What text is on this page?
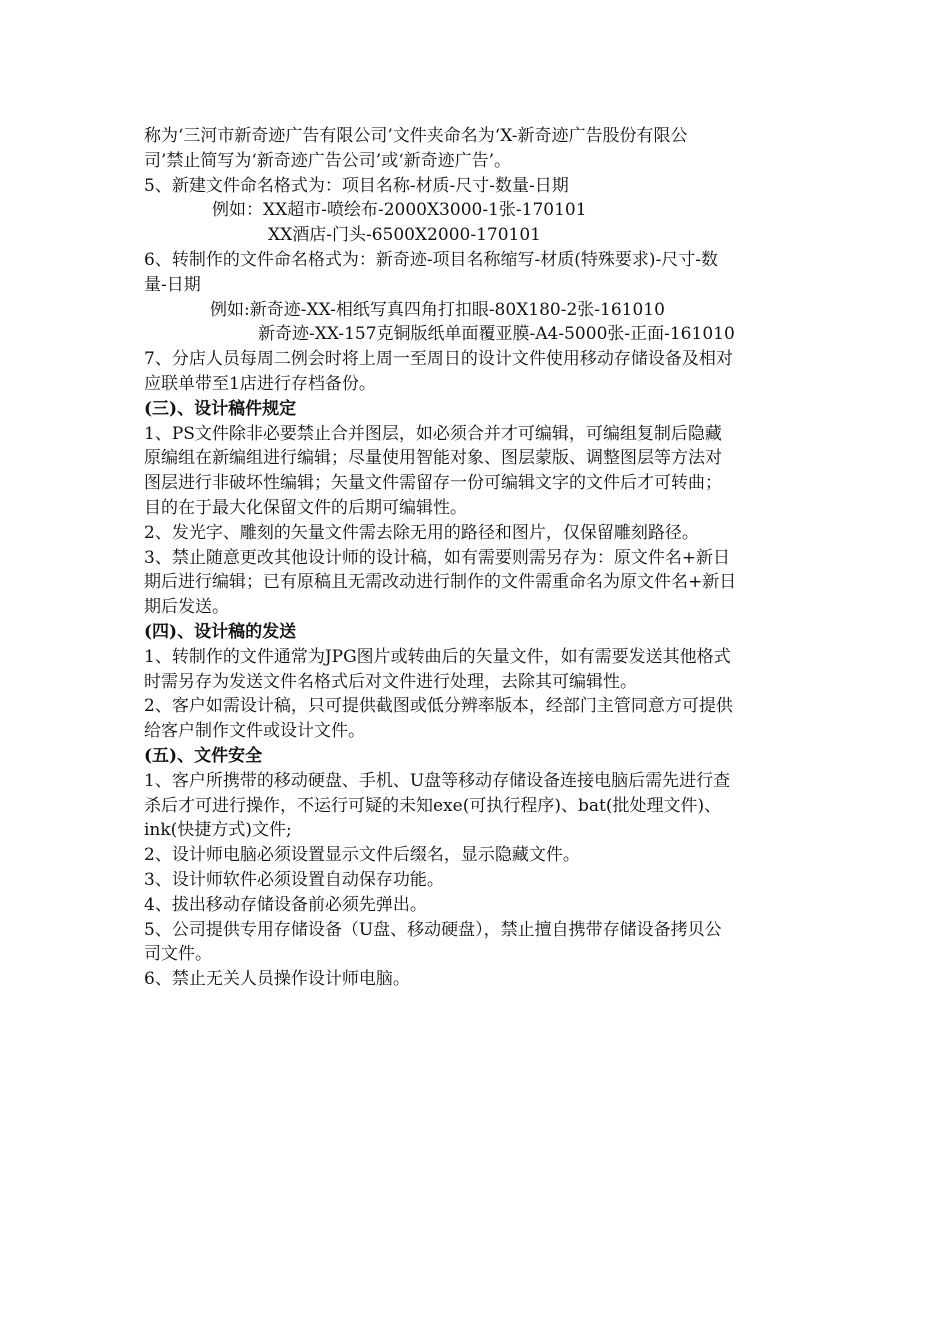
称为‘三河市新奇迹广告有限公司’文件夹命名为‘X-新奇迹广告股份有限公
司’禁止简写为‘新奇迹广告公司’或‘新奇迹广告’。
5、新建文件命名格式为：项目名称-材质-尺寸-数量-日期
例如：XX超市-喷绘布-2000X3000-1张-170101
XX酒店-门头-6500X2000-170101
6、转制作的文件命名格式为：新奇迹-项目名称缩写-材质(特殊要求)-尺寸-数
量-日期
例如:新奇迹-XX-相纸写真四角打扣眼-80X180-2张-161010
新奇迹-XX-157克铜版纸单面覆亚膜-A4-5000张-正面-161010
7、分店人员每周二例会时将上周一至周日的设计文件使用移动存储设备及相对
应联单带至1店进行存档备份。
(三)、设计稿件规定
1、PS文件除非必要禁止合并图层，如必须合并才可编辑，可编组复制后隐藏
原编组在新编组进行编辑；尽量使用智能对象、图层蒙版、调整图层等方法对
图层进行非破坏性编辑；矢量文件需留存一份可编辑文字的文件后才可转曲；
目的在于最大化保留文件的后期可编辑性。
2、发光字、雕刻的矢量文件需去除无用的路径和图片，仅保留雕刻路径。
3、禁止随意更改其他设计师的设计稿，如有需要则需另存为：原文件名+新日
期后进行编辑；已有原稿且无需改动进行制作的文件需重命名为原文件名+新日
期后发送。
(四)、设计稿的发送
1、转制作的文件通常为JPG图片或转曲后的矢量文件，如有需要发送其他格式
时需另存为发送文件名格式后对文件进行处理，去除其可编辑性。
2、客户如需设计稿，只可提供截图或低分辨率版本，经部门主管同意方可提供
给客户制作文件或设计文件。
(五)、文件安全
1、客户所携带的移动硬盘、手机、U盘等移动存储设备连接电脑后需先进行查
杀后才可进行操作，不运行可疑的未知exe(可执行程序)、bat(批处理文件)、
ink(快捷方式)文件;
2、设计师电脑必须设置显示文件后缀名，显示隐藏文件。
3、设计师软件必须设置自动保存功能。
4、拔出移动存储设备前必须先弹出。
5、公司提供专用存储设备（U盘、移动硬盘），禁止擅自携带存储设备拷贝公
司文件。
6、禁止无关人员操作设计师电脑。
